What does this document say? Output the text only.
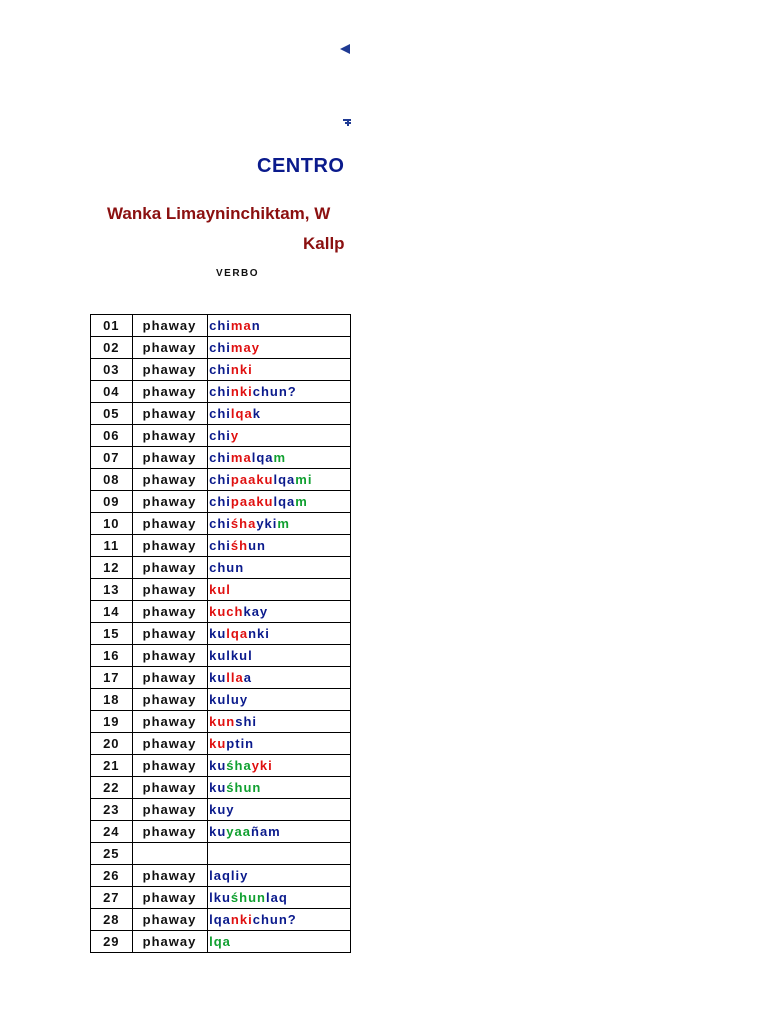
CENTRO
Wanka Limayninchiktam, W
Kallp
VERBO
01	phaway	chiman
02	phaway	chimay
03	phaway	chinki
04	phaway	chinkichun?
05	phaway	chilqak
06	phaway	chiy
07	phaway	chimalqam
08	phaway	chipaakulqami
09	phaway	chipaakulqam
10	phaway	chiśhaykim
11	phaway	chiśhun
12	phaway	chun
13	phaway	kul
14	phaway	kuchkay
15	phaway	kulqanki
16	phaway	kulkul
17	phaway	kullaa
18	phaway	kuluy
19	phaway	kunshi
20	phaway	kuptin
21	phaway	kuśhayki
22	phaway	kuśhun
23	phaway	kuy
24	phaway	kuyaañam
25		
26	phaway	laqliy
27	phaway	lkuśhunlaq
28	phaway	lqankichun?
29	phaway	lqa
